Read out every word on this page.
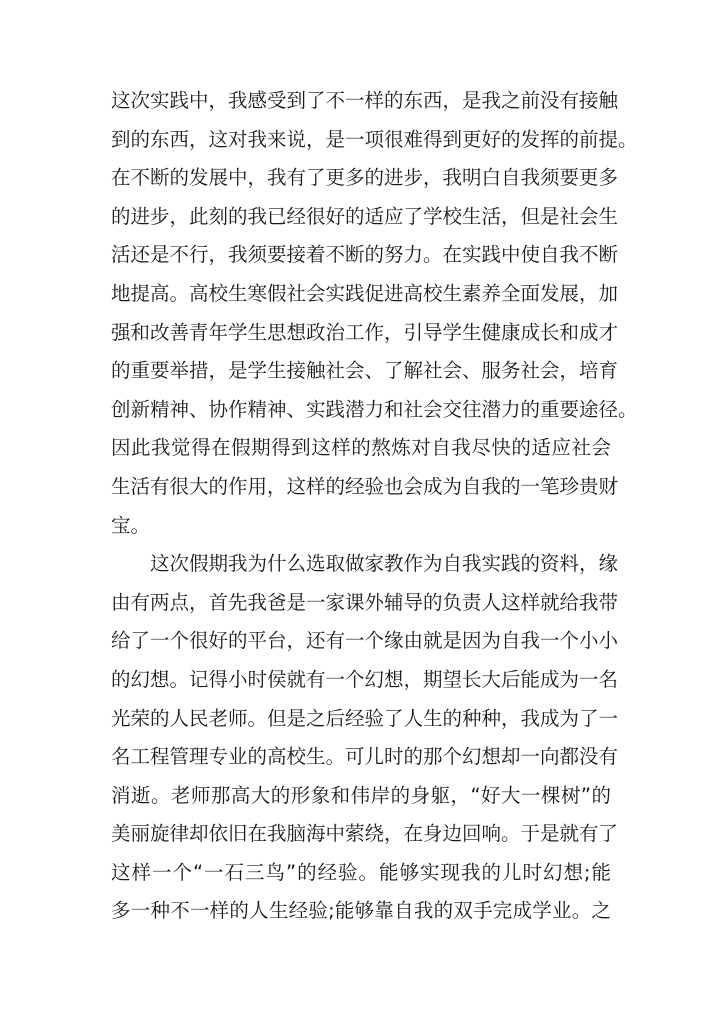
这次实践中，我感受到了不一样的东西，是我之前没有接触
到的东西，这对我来说，是一项很难得到更好的发挥的前提。
在不断的发展中，我有了更多的进步，我明白自我须要更多
的进步，此刻的我已经很好的适应了学校生活，但是社会生
活还是不行，我须要接着不断的努力。在实践中使自我不断
地提高。高校生寒假社会实践促进高校生素养全面发展，加
强和改善青年学生思想政治工作，引导学生健康成长和成才
的重要举措，是学生接触社会、了解社会、服务社会，培育
创新精神、协作精神、实践潜力和社会交往潜力的重要途径。
因此我觉得在假期得到这样的熬炼对自我尽快的适应社会
生活有很大的作用，这样的经验也会成为自我的一笔珍贵财
宝。
这次假期我为什么选取做家教作为自我实践的资料，缘
由有两点，首先我爸是一家课外辅导的负责人这样就给我带
给了一个很好的平台，还有一个缘由就是因为自我一个小小
的幻想。记得小时侯就有一个幻想，期望长大后能成为一名
光荣的人民老师。但是之后经验了人生的种种，我成为了一
名工程管理专业的高校生。可儿时的那个幻想却一向都没有
消逝。老师那高大的形象和伟岸的身躯，“好大一棵树”的
美丽旋律却依旧在我脑海中萦绕，在身边回响。于是就有了
这样一个“一石三鸟”的经验。能够实现我的儿时幻想;能
多一种不一样的人生经验;能够靠自我的双手完成学业。之
